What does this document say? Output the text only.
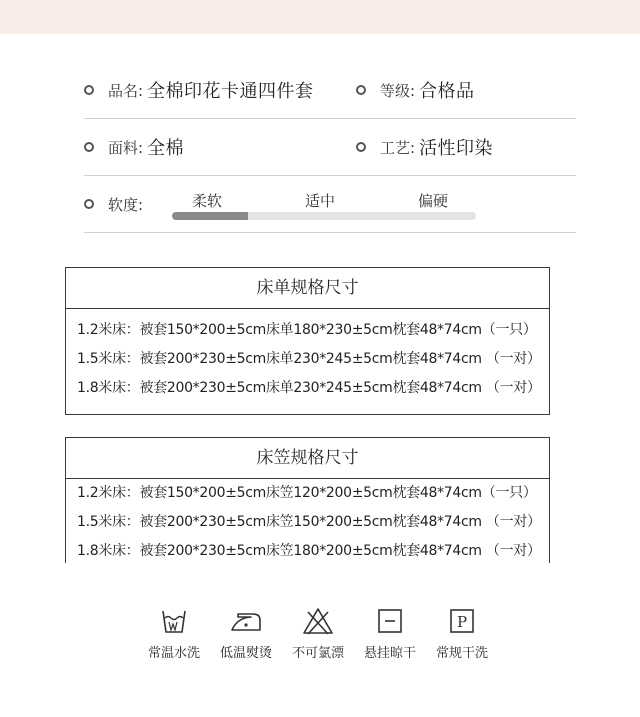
品名: 全棉印花卡通四件套	等级: 合格品
面料: 全棉	工艺: 活性印染
软度:	柔软	适中	偏硬
床单规格尺寸
1.2米床：被套150*200±5cm床单180*230±5cm枕套48*74cm（一只）
1.5米床：被套200*230±5cm床单230*245±5cm枕套48*74cm （一对）
1.8米床：被套200*230±5cm床单230*245±5cm枕套48*74cm （一对）
床笠规格尺寸
1.2米床：被套150*200±5cm床笠120*200±5cm枕套48*74cm（一只）
1.5米床：被套200*230±5cm床笠150*200±5cm枕套48*74cm （一对）
1.8米床：被套200*230±5cm床笠180*200±5cm枕套48*74cm （一对）
常温水洗	低温熨烫	不可氯漂	悬挂晾干
P
常规干洗
